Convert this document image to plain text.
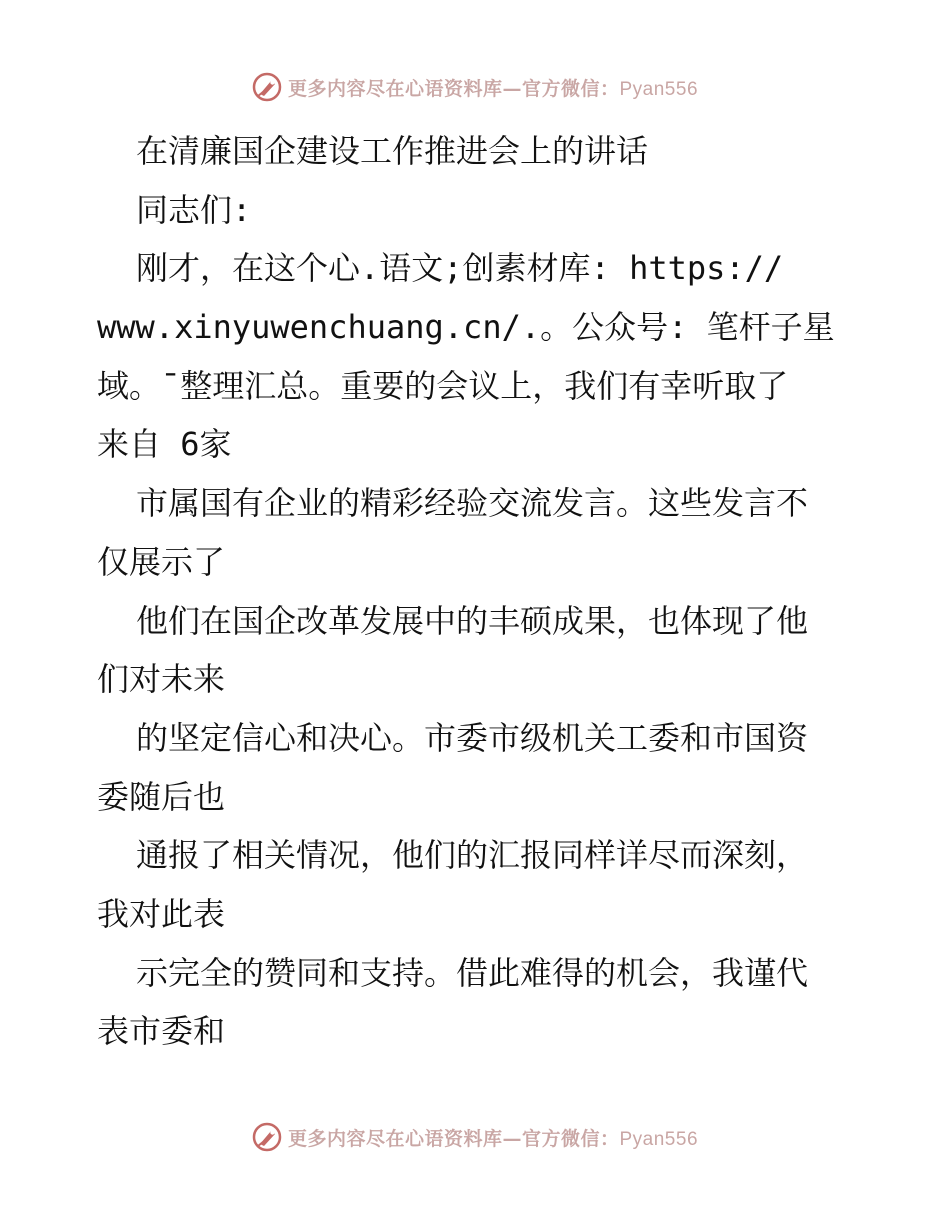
更多内容尽在心语资料库—官方微信：Pyan556
在清廉国企建设工作推进会上的讲话
同志们:
刚才，在这个心.语文;创素材库: https://
www.xinyuwenchuang.cn/.。公众号: 笔杆子星
域。¯整理汇总。重要的会议上，我们有幸听取了
来自 6家
市属国有企业的精彩经验交流发言。这些发言不
仅展示了
他们在国企改革发展中的丰硕成果，也体现了他
们对未来
的坚定信心和决心。市委市级机关工委和市国资
委随后也
通报了相关情况，他们的汇报同样详尽而深刻，
我对此表
示完全的赞同和支持。借此难得的机会，我谨代
表市委和
更多内容尽在心语资料库—官方微信：Pyan556
